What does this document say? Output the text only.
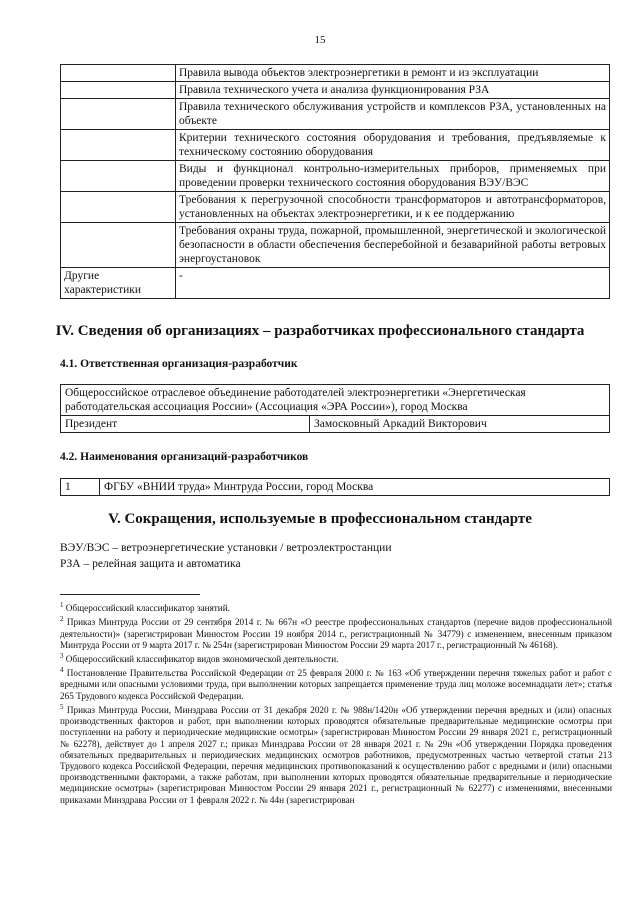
15
	Правила вывода объектов электроэнергетики в ремонт и из эксплуатации
	Правила технического учета и анализа функционирования РЗА
	Правила технического обслуживания устройств и комплексов РЗА, установленных на объекте
	Критерии технического состояния оборудования и требования, предъявляемые к техническому состоянию оборудования
	Виды и функционал контрольно-измерительных приборов, применяемых при проведении проверки технического состояния оборудования ВЭУ/ВЭС
	Требования к перегрузочной способности трансформаторов и автотрансформаторов, установленных на объектах электроэнергетики, и к ее поддержанию
	Требования охраны труда, пожарной, промышленной, энергетической и экологической безопасности в области обеспечения бесперебойной и безаварийной работы ветровых энергоустановок
Другие характеристики	-
IV. Сведения об организациях – разработчиках профессионального стандарта
4.1. Ответственная организация-разработчик
Общероссийское отраслевое объединение работодателей электроэнергетики «Энергетическая работодательская ассоциация России» (Ассоциация «ЭРА России»), город Москва
Президент	Замосковный Аркадий Викторович
4.2. Наименования организаций-разработчиков
1	ФГБУ «ВНИИ труда» Минтруда России, город Москва
V. Сокращения, используемые в профессиональном стандарте
ВЭУ/ВЭС – ветроэнергетические установки / ветроэлектростанции
РЗА – релейная защита и автоматика

$^1$ Общероссийский классификатор занятий.

$^2$ Приказ Минтруда России от 29 сентября 2014 г. № 667н «О реестре профессиональных стандартов (перечне видов профессиональной деятельности)» (зарегистрирован Минюстом России 19 ноября 2014 г., регистрационный № 34779) с изменением, внесенным приказом Минтруда России от 9 марта 2017 г. № 254н (зарегистрирован Минюстом России 29 марта 2017 г., регистрационный № 46168).

$^3$ Общероссийский классификатор видов экономической деятельности.

$^4$ Постановление Правительства Российской Федерации от 25 февраля 2000 г. № 163 «Об утверждении перечня тяжелых работ и работ с вредными или опасными условиями труда, при выполнении которых запрещается применение труда лиц моложе восемнадцати лет»; статья 265 Трудового кодекса Российской Федерации.

$^5$ Приказ Минтруда России, Минздрава России от 31 декабря 2020 г. № 988н/1420н «Об утверждении перечня вредных и (или) опасных производственных факторов и работ, при выполнении которых проводятся обязательные предварительные медицинские осмотры при поступлении на работу и периодические медицинские осмотры» (зарегистрирован Минюстом России 29 января 2021 г., регистрационный № 62278), действует до 1 апреля 2027 г.; приказ Минздрава России от 28 января 2021 г. № 29н «Об утверждении Порядка проведения обязательных предварительных и периодических медицинских осмотров работников, предусмотренных частью четвертой статьи 213 Трудового кодекса Российской Федерации, перечня медицинских противопоказаний к осуществлению работ с вредными и (или) опасными производственными факторами, а также работам, при выполнении которых проводятся обязательные предварительные и периодические медицинские осмотры» (зарегистрирован Минюстом России 29 января 2021 г., регистрационный № 62277) с изменениями, внесенными приказами Минздрава России от 1 февраля 2022 г. № 44н (зарегистрирован
